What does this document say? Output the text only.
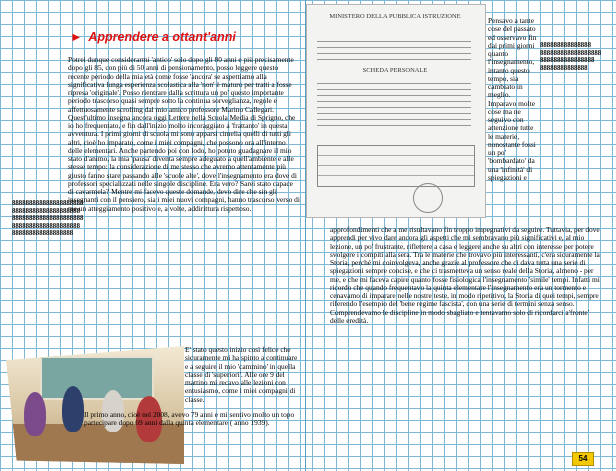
► Apprendere a ottant'anni

Potrei dunque considerarmi 'antico' solo dopo gli 80 anni e più precisamente dopo gli 85, con più di 50 anni di pensionamento, posso leggere questo recente periodo della mia età come fosse 'ancora' se aspettiamo alla significativa lunga esperienza scolastica alla 'non' è maturo per tratti a fosse ripresa 'originale'. Posso rientrare dalla scrittura un po' questo importante periodo trascorso quasi sempre sotto la continua sorveglianza, regole e affettuosamente scrolling dal mio amico professore Marino Callegari. Quest'ultimo insegna ancora oggi Lettere nella Scuola Media di Sprigno, che io ho frequentato, e fin dall'inizio molto incoraggiato a 'frattanto' in questa avventura. I primi giorni di scuola mi sono apparsi cimelia quelli di tutti gli altri, cioè ho imparato, come i miei compagni, che possono ora all'interno delle elementari. Anche partendo poi con lodo, ho potuto guadagnare il mio stato d'animo, la mia 'pausa' diventa sempre adeguato a quell'ambiente e alle stesse tempo: la considerazione di me stesso che avremo attentamente più giusto fanno stare passando alle 'scuole alte', dove l'insegnamento era dove di professori specializzati nelle singole discipline. Era vero? Sarei stato capace di cavarmela? Mentre mi facevo queste domande, devo dire che sin gli insegnanti con il pensiero, sia i miei nuovi compagni, hanno trascorso verso di me un atteggiamento positivo e, a volte, addirittura rispettoso.

E' stato questo inizio così felice che sicuramente mi ha spinto a continuare e a seguire il mio 'cammino' in quella classe di 'superiori'. Alle ore 9 del mattino mi recavo alle lezioni con entusiasmo, come i miei compagni di classe.

Il primo anno, cioè nel 2008, avevo 79 anni e mi sentivo molto un topo partecipare dopo 69 anni dalla quinta elementare ( anno 1939).

888888888888888888888 88888888888888888888 888888888888888888888 88888888888888888888 888888888888888888

MINISTERO DELLA PUBBLICA ISTRUZIONE
SCHEDA PERSONALE

Pensavo a tante cose del passato ed osservavo fin dai primi giorni quanto l'insegnamento, intanto questo tempo, sia cambiato in meglio. Imparavo molte cose ma ne seguivo con attenzione tutte le materie, nonostante fossi un po' 'bombardato' da una 'infinità' di spiegazioni e

888888888888888 888888888888888888 8888888888888888 88888888888888

approfondimenti che a me risultavano fin troppo impegnativi da seguire. Tuttavia, per dove apprendi per vivo dare ancora gli aspetti che mi sembravano più significativi e, al mio lezione, un po' frustrante, riflettere a casa e leggere anche su altri con interesse per potere svolgere i compiti alla sera. Tra le materie che trovavo più interessanti, c'era sicuramente la Storia, perché mi coinvolgeva, anche grazie al professore che ci dava tutta una serie di spiegazioni sempre concise, e che ci trasmetteva un senso reale della Storia, almeno - per me, e che mi faceva capire quanto fosse fisiologica l'insegnamento 'simile' tempi. Infatti mi ricordo che quando frequentavo la quinta elementare l'insegnamento era un tormento e cenavamo di imparare nelle nostre teste, in modo ripetitivo, la Storia di quei tempi, sempre riferendo l'esempio del 'bene regime fascista', con una serie di termini senza senso. Comprendevamo le discipline in modo sbagliato e tentavamo solo di ricordarci a'fronte' delle eredità.

54
